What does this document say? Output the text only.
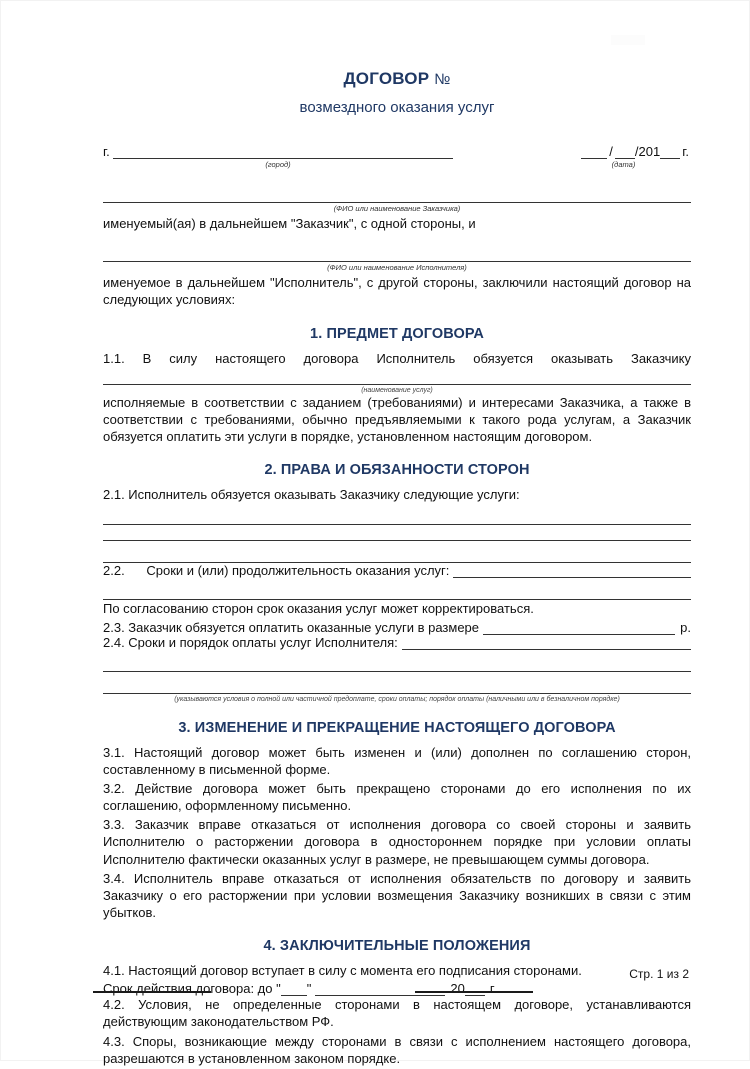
ДОГОВОР №
возмездного оказания услуг
г.
(город)
/ /201 г.
(дата)
(ФИО или наименование Заказчика)
именуемый(ая) в дальнейшем "Заказчик", с одной стороны, и
(ФИО или наименование Исполнителя)
именуемое в дальнейшем "Исполнитель", с другой стороны, заключили настоящий договор на следующих условиях:
1. ПРЕДМЕТ ДОГОВОРА

1.1. В силу настоящего договора Исполнитель обязуется оказывать Заказчику

(наименование услуг)

исполняемые в соответствии с заданием (требованиями) и интересами Заказчика, а также в соответствии с требованиями, обычно предъявляемыми к такого рода услугам, а Заказчик обязуется оплатить эти услуги в порядке, установленном настоящим договором.

2. ПРАВА И ОБЯЗАННОСТИ СТОРОН

2.1. Исполнитель обязуется оказывать Заказчику следующие услуги:

2.2.      Сроки и (или) продолжительность оказания услуг:

По согласованию сторон срок оказания услуг может корректироваться.

2.3. Заказчик обязуется оплатить оказанные услуги в размере	р.
2.4. Сроки и порядок оплаты услуг Исполнителя:
(указываются условия о полной или частичной предоплате, сроки оплаты; порядок оплаты (наличными или в безналичном порядке)
3. ИЗМЕНЕНИЕ И ПРЕКРАЩЕНИЕ НАСТОЯЩЕГО ДОГОВОРА

3.1. Настоящий договор может быть изменен и (или) дополнен по соглашению сторон, составленному в письменной форме.

3.2. Действие договора может быть прекращено сторонами до его исполнения по их соглашению, оформленному письменно.

3.3. Заказчик вправе отказаться от исполнения договора со своей стороны и заявить Исполнителю о расторжении договора в одностороннем порядке при условии оплаты Исполнителю фактически оказанных услуг в размере, не превышающем суммы договора.

3.4. Исполнитель вправе отказаться от исполнения обязательств по договору и заявить Заказчику о его расторжении при условии возмещения Заказчику возникших в связи с этим убытков.

4. ЗАКЛЮЧИТЕЛЬНЫЕ ПОЛОЖЕНИЯ

4.1. Настоящий договор вступает в силу с момента его подписания сторонами.

Срок действия договора: до " "	20	г.

4.2. Условия, не определенные сторонами в настоящем договоре, устанавливаются действующим законодательством РФ.

4.3. Споры, возникающие между сторонами в связи с исполнением настоящего договора, разрешаются в установленном законом порядке.

Стр. 1 из 2
